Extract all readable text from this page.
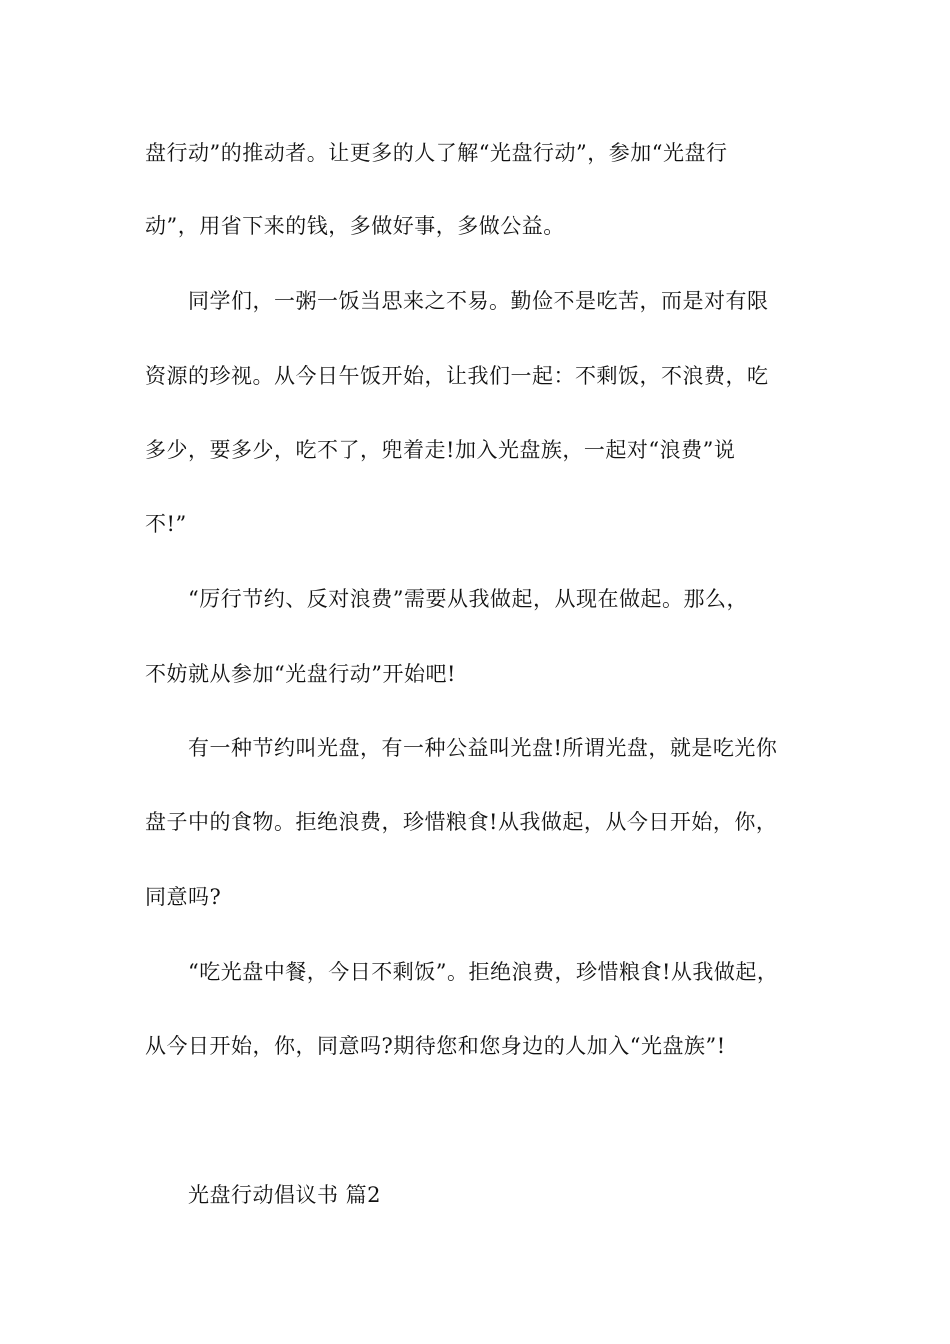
盘行动”的推动者。让更多的人了解“光盘行动”，参加“光盘行
动”，用省下来的钱，多做好事，多做公益。
同学们，一粥一饭当思来之不易。勤俭不是吃苦，而是对有限
资源的珍视。从今日午饭开始，让我们一起：不剩饭，不浪费，吃
多少，要多少，吃不了，兜着走!加入光盘族，一起对“浪费”说
不!”
“厉行节约、反对浪费”需要从我做起，从现在做起。那么，
不妨就从参加“光盘行动”开始吧!
有一种节约叫光盘，有一种公益叫光盘!所谓光盘，就是吃光你
盘子中的食物。拒绝浪费，珍惜粮食!从我做起，从今日开始，你，
同意吗?
“吃光盘中餐，今日不剩饭”。拒绝浪费，珍惜粮食!从我做起，
从今日开始，你，同意吗?期待您和您身边的人加入“光盘族”!
光盘行动倡议书 篇2
